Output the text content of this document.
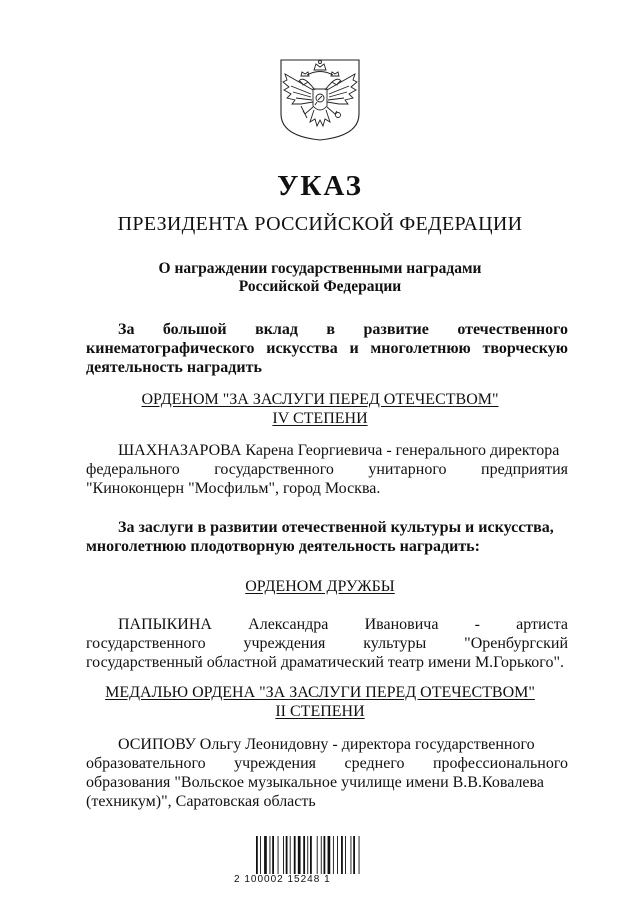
УКАЗ
ПРЕЗИДЕНТА РОССИЙСКОЙ ФЕДЕРАЦИИ
О награждении государственными наградами
Российской Федерации
За большой вклад в развитие отечественного
кинематографического искусства и многолетнюю творческую
деятельность наградить
ОРДЕНОМ "ЗА ЗАСЛУГИ ПЕРЕД ОТЕЧЕСТВОМ"
IV СТЕПЕНИ
ШАХНАЗАРОВА Карена Георгиевича - генерального директора
федерального государственного унитарного предприятия
"Киноконцерн "Мосфильм", город Москва.
За заслуги в развитии отечественной культуры и искусства,
многолетнюю плодотворную деятельность наградить:
ОРДЕНОМ ДРУЖБЫ
ПАПЫКИНА Александра Ивановича - артиста
государственного учреждения культуры "Оренбургский
государственный областной драматический театр имени М.Горького".
МЕДАЛЬЮ ОРДЕНА "ЗА ЗАСЛУГИ ПЕРЕД ОТЕЧЕСТВОМ"
II СТЕПЕНИ
ОСИПОВУ Ольгу Леонидовну - директора государственного
образовательного учреждения среднего профессионального
образования "Вольское музыкальное училище имени В.В.Ковалева
(техникум)", Саратовская область
2 100002 15248 1
